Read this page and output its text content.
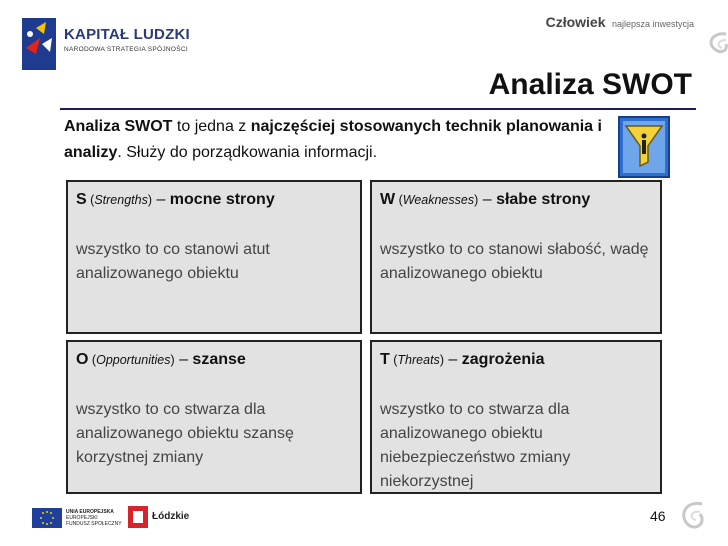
KAPITAŁ LUDZKI
NARODOWA STRATEGIA SPÓJNOŚCI
Człowiek najlepsza inwestycja
Analiza SWOT
Analiza SWOT to jedna z najczęściej stosowanych technik planowania i analizy. Służy do porządkowania informacji.
S (Strengths) – mocne strony
wszystko to co stanowi atut analizowanego obiektu
W (Weaknesses) – słabe strony
wszystko to co stanowi słabość, wadę analizowanego obiektu
O (Opportunities) – szanse
wszystko to co stwarza dla analizowanego obiektu szansę korzystnej zmiany
T (Threats) – zagrożenia
wszystko to co stwarza dla analizowanego obiektu niebezpieczeństwo zmiany niekorzystnej
UNIA EUROPEJSKA
EUROPEJSKI
FUNDUSZ SPOŁECZNY
Łódzkie	46
